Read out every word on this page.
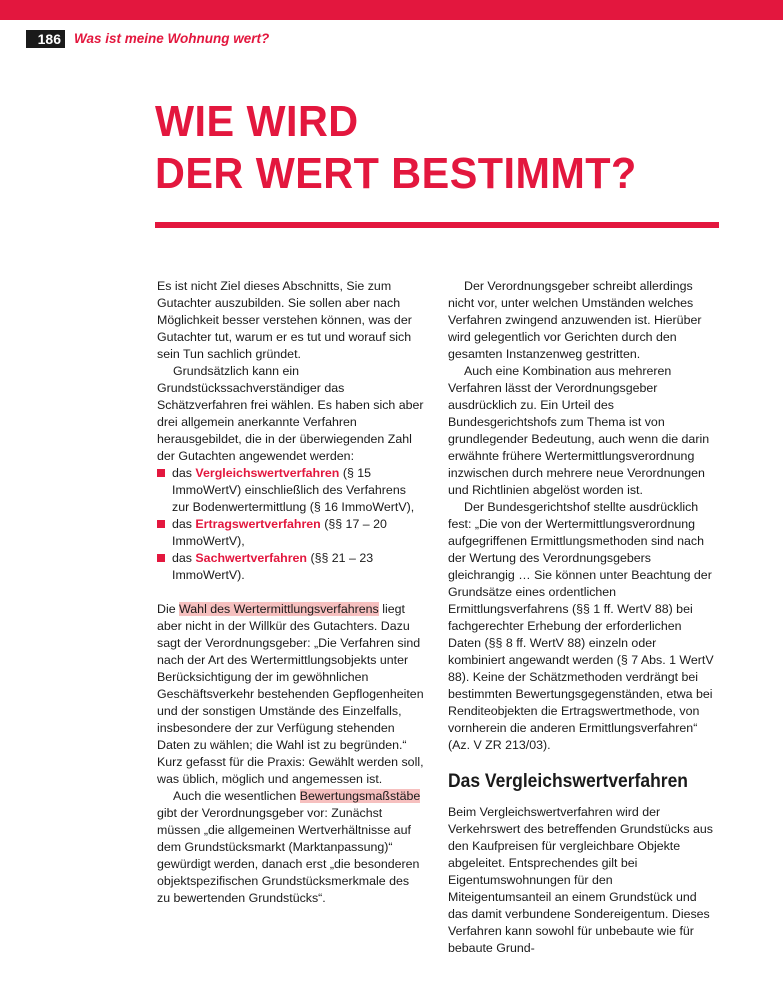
186 Was ist meine Wohnung wert?
WIE WIRD
DER WERT BESTIMMT?

Es ist nicht Ziel dieses Abschnitts, Sie zum Gutachter auszubilden. Sie sollen aber nach Möglichkeit besser verstehen können, was der Gutachter tut, warum er es tut und worauf sich sein Tun sachlich gründet.

Grundsätzlich kann ein Grundstückssachverständiger das Schätzverfahren frei wählen. Es haben sich aber drei allgemein anerkannte Verfahren herausgebildet, die in der überwiegenden Zahl der Gutachten angewendet werden:

das Vergleichswertverfahren (§ 15 ImmoWertV) einschließlich des Verfahrens zur Bodenwertermittlung (§ 16 ImmoWertV),
das Ertragswertverfahren (§§ 17 – 20 ImmoWertV),
das Sachwertverfahren (§§ 21 – 23 ImmoWertV).

Die Wahl des Wertermittlungsverfahrens liegt aber nicht in der Willkür des Gutachters. Dazu sagt der Verordnungsgeber: „Die Verfahren sind nach der Art des Wertermittlungsobjekts unter Berücksichtigung der im gewöhnlichen Geschäftsverkehr bestehenden Gepflogenheiten und der sonstigen Umstände des Einzelfalls, insbesondere der zur Verfügung stehenden Daten zu wählen; die Wahl ist zu begründen.“ Kurz gefasst für die Praxis: Gewählt werden soll, was üblich, möglich und angemessen ist.

Auch die wesentlichen Bewertungsmaßstäbe gibt der Verordnungsgeber vor: Zunächst müssen „die allgemeinen Wertverhältnisse auf dem Grundstücksmarkt (Marktanpassung)“ gewürdigt werden, danach erst „die besonderen objektspezifischen Grundstücksmerkmale des zu bewertenden Grundstücks“.

Der Verordnungsgeber schreibt allerdings nicht vor, unter welchen Umständen welches Verfahren zwingend anzuwenden ist. Hierüber wird gelegentlich vor Gerichten durch den gesamten Instanzenweg gestritten.

Auch eine Kombination aus mehreren Verfahren lässt der Verordnungsgeber ausdrücklich zu. Ein Urteil des Bundesgerichtshofs zum Thema ist von grundlegender Bedeutung, auch wenn die darin erwähnte frühere Wertermittlungsverordnung inzwischen durch mehrere neue Verordnungen und Richtlinien abgelöst worden ist.

Der Bundesgerichtshof stellte ausdrücklich fest: „Die von der Wertermittlungsverordnung aufgegriffenen Ermittlungsmethoden sind nach der Wertung des Verordnungsgebers gleichrangig … Sie können unter Beachtung der Grundsätze eines ordentlichen Ermittlungsverfahrens (§§ 1 ff. WertV 88) bei fachgerechter Erhebung der erforderlichen Daten (§§ 8 ff. WertV 88) einzeln oder kombiniert angewandt werden (§ 7 Abs. 1 WertV 88). Keine der Schätzmethoden verdrängt bei bestimmten Bewertungsgegenständen, etwa bei Renditeobjekten die Ertragswertmethode, von vornherein die anderen Ermittlungsverfahren“ (Az. V ZR 213/03).

Das Vergleichswertverfahren

Beim Vergleichswertverfahren wird der Verkehrswert des betreffenden Grundstücks aus den Kaufpreisen für vergleichbare Objekte abgeleitet. Entsprechendes gilt bei Eigentumswohnungen für den Miteigentumsanteil an einem Grundstück und das damit verbundene Sondereigentum. Dieses Verfahren kann sowohl für unbebaute wie für bebaute Grund-
